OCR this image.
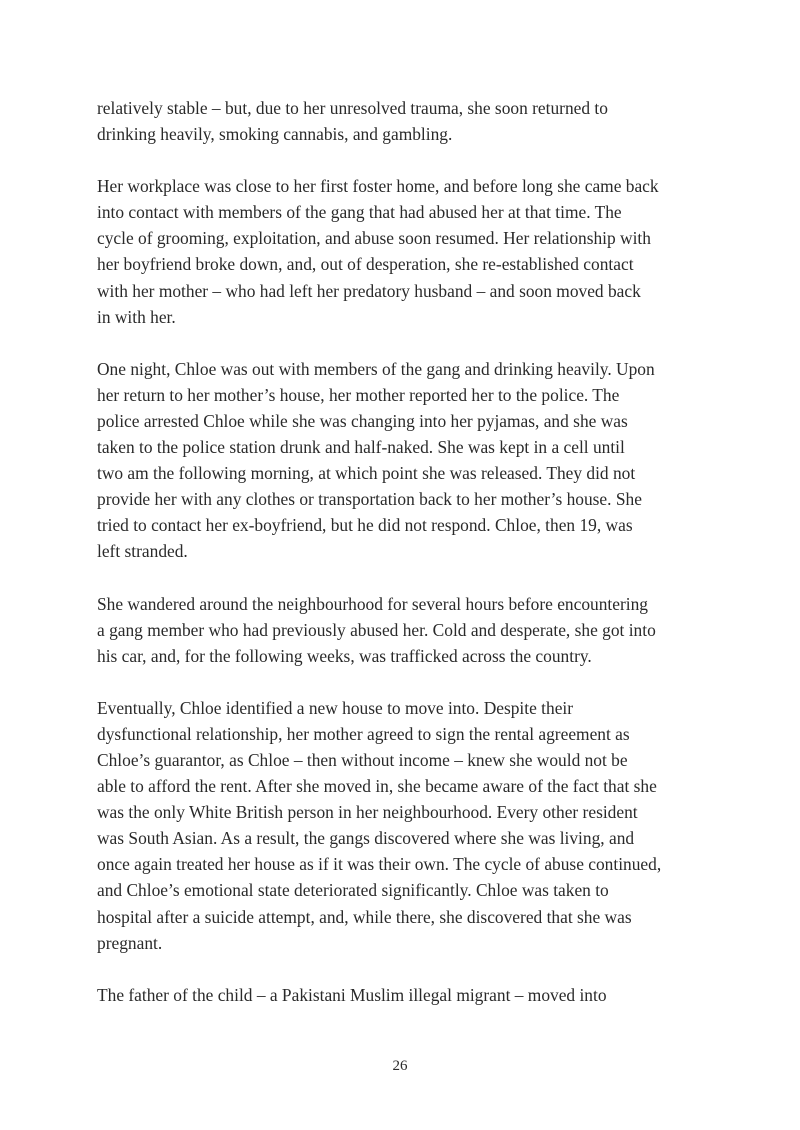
relatively stable – but, due to her unresolved trauma, she soon returned to
drinking heavily, smoking cannabis, and gambling.

Her workplace was close to her first foster home, and before long she came back
into contact with members of the gang that had abused her at that time. The
cycle of grooming, exploitation, and abuse soon resumed. Her relationship with
her boyfriend broke down, and, out of desperation, she re-established contact
with her mother – who had left her predatory husband – and soon moved back
in with her.

One night, Chloe was out with members of the gang and drinking heavily. Upon
her return to her mother’s house, her mother reported her to the police. The
police arrested Chloe while she was changing into her pyjamas, and she was
taken to the police station drunk and half-naked. She was kept in a cell until
two am the following morning, at which point she was released. They did not
provide her with any clothes or transportation back to her mother’s house. She
tried to contact her ex-boyfriend, but he did not respond. Chloe, then 19, was
left stranded.

She wandered around the neighbourhood for several hours before encountering
a gang member who had previously abused her. Cold and desperate, she got into
his car, and, for the following weeks, was trafficked across the country.

Eventually, Chloe identified a new house to move into. Despite their
dysfunctional relationship, her mother agreed to sign the rental agreement as
Chloe’s guarantor, as Chloe – then without income – knew she would not be
able to afford the rent. After she moved in, she became aware of the fact that she
was the only White British person in her neighbourhood. Every other resident
was South Asian. As a result, the gangs discovered where she was living, and
once again treated her house as if it was their own. The cycle of abuse continued,
and Chloe’s emotional state deteriorated significantly. Chloe was taken to
hospital after a suicide attempt, and, while there, she discovered that she was
pregnant.

The father of the child – a Pakistani Muslim illegal migrant – moved into

26
